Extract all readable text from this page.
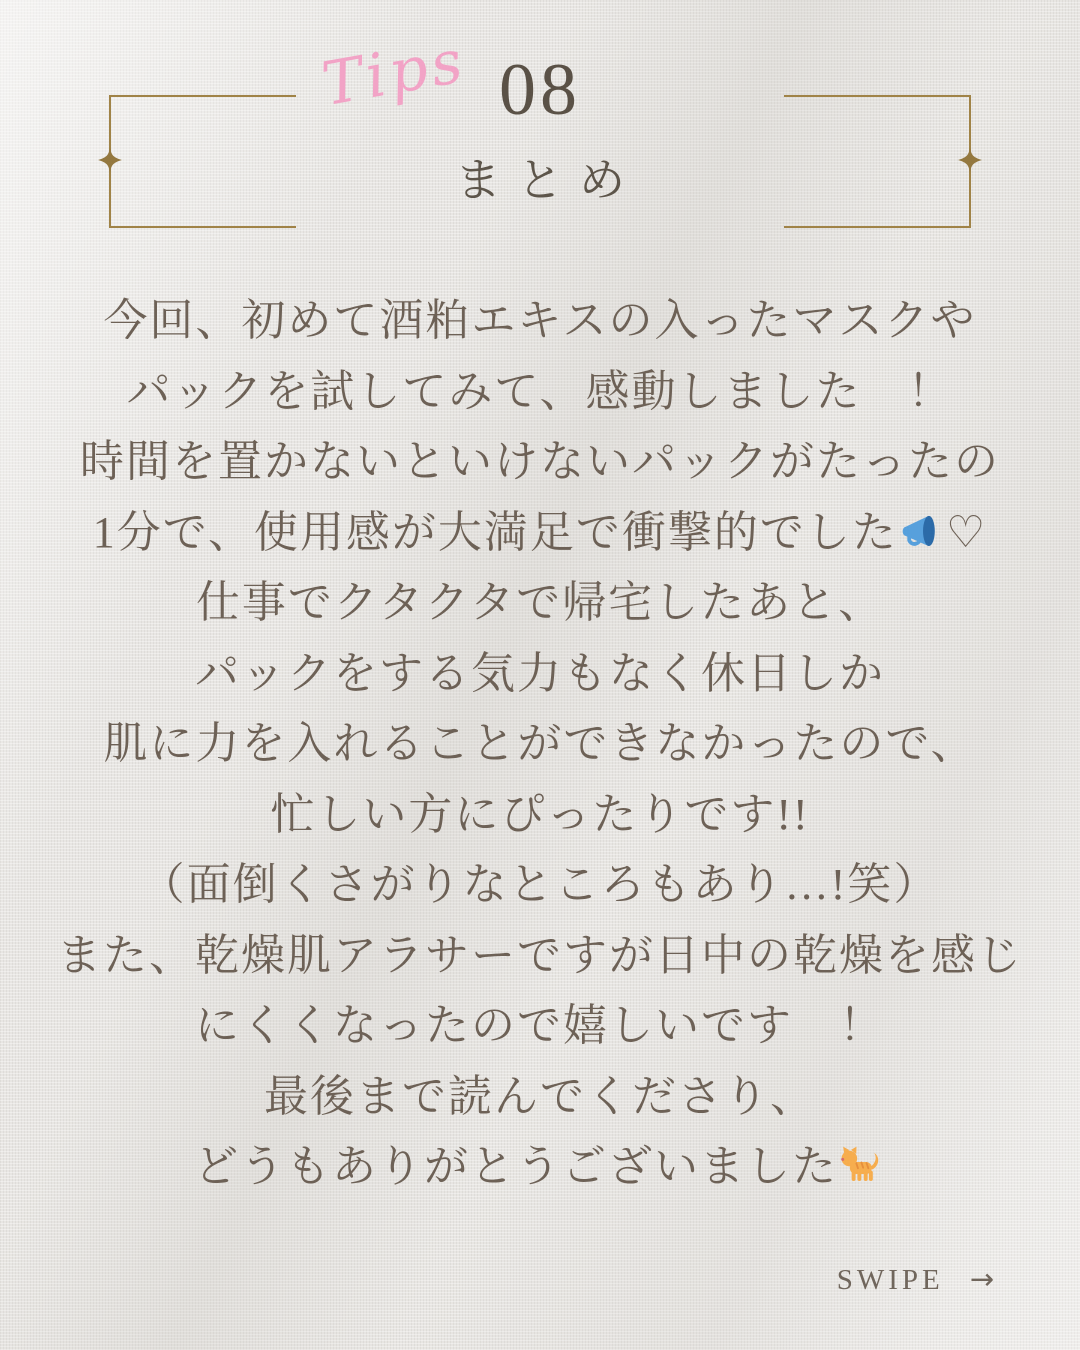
Tips 08
まとめ
今回、初めて酒粕エキスの入ったマスクや
パックを試してみて、感動しました　！
時間を置かないといけないパックがたったの
1分で、使用感が大満足で衝撃的でした ♡
仕事でクタクタで帰宅したあと、
パックをする気力もなく休日しか
肌に力を入れることができなかったので、
忙しい方にぴったりです!!
（面倒くさがりなところもあり…!笑）
また、乾燥肌アラサーですが日中の乾燥を感じ
にくくなったので嬉しいです　！
最後まで読んでくださり、
どうもありがとうございました
SWIPE →
